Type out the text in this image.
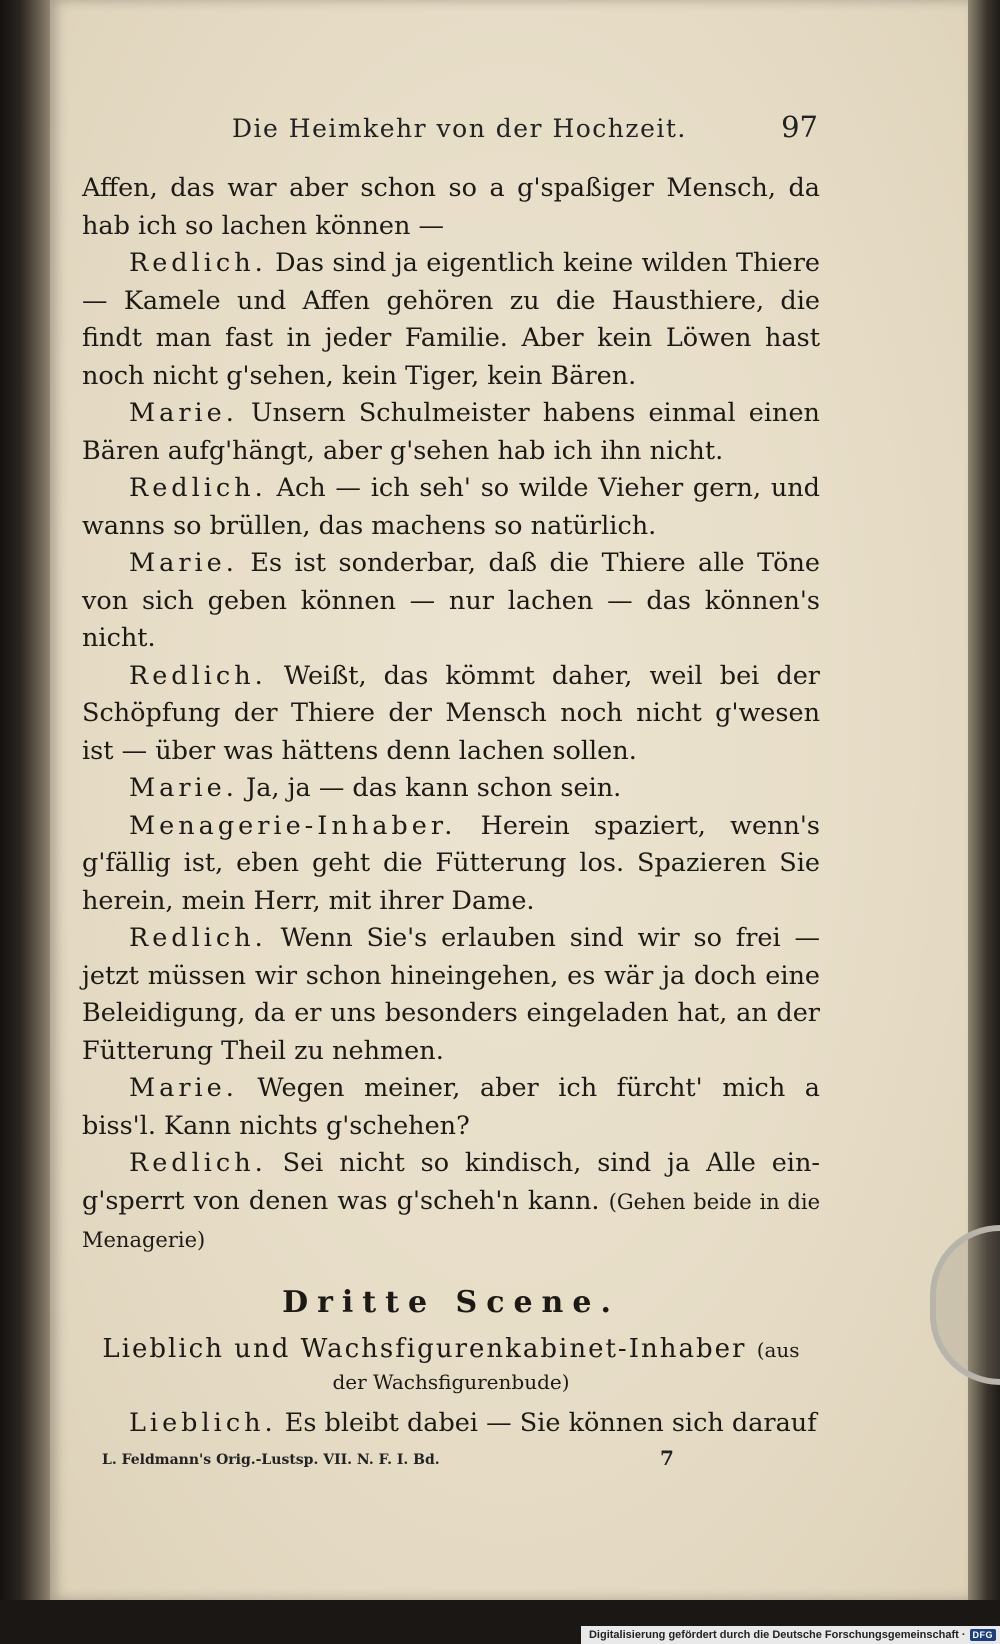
Die Heimkehr von der Hochzeit.	97

Affen, das war aber schon so a g'spaßiger Mensch, da hab ich so lachen können —

Redlich. Das sind ja eigentlich keine wilden Thiere — Kamele und Affen gehören zu die Hausthiere, die findt man fast in jeder Familie. Aber kein Löwen hast noch nicht g'sehen, kein Tiger, kein Bären.

Marie. Unsern Schulmeister habens einmal einen Bären aufg'hängt, aber g'sehen hab ich ihn nicht.

Redlich. Ach — ich seh' so wilde Vieher gern, und wanns so brüllen, das machens so natürlich.

Marie. Es ist sonderbar, daß die Thiere alle Töne von sich geben können — nur lachen — das können's nicht.

Redlich. Weißt, das kömmt daher, weil bei der Schöpfung der Thiere der Mensch noch nicht g'wesen ist — über was hättens denn lachen sollen.

Marie. Ja, ja — das kann schon sein.

Menagerie-Inhaber. Herein spaziert, wenn's g'fällig ist, eben geht die Fütterung los. Spazieren Sie herein, mein Herr, mit ihrer Dame.

Redlich. Wenn Sie's erlauben sind wir so frei — jetzt müssen wir schon hineingehen, es wär ja doch eine Beleidigung, da er uns besonders eingeladen hat, an der Fütterung Theil zu nehmen.

Marie. Wegen meiner, aber ich fürcht' mich a biss'l. Kann nichts g'schehen?

Redlich. Sei nicht so kindisch, sind ja Alle ein-g'sperrt von denen was g'scheh'n kann. (Gehen beide in die Menagerie)

Dritte Scene.
Lieblich und Wachsfigurenkabinet-Inhaber (aus
der Wachsfigurenbude)

Lieblich. Es bleibt dabei — Sie können sich darauf

L. Feldmann's Orig.-Lustsp. VII. N. F. I. Bd.	7
Digitalisierung gefördert durch die Deutsche Forschungsgemeinschaft · DFG
